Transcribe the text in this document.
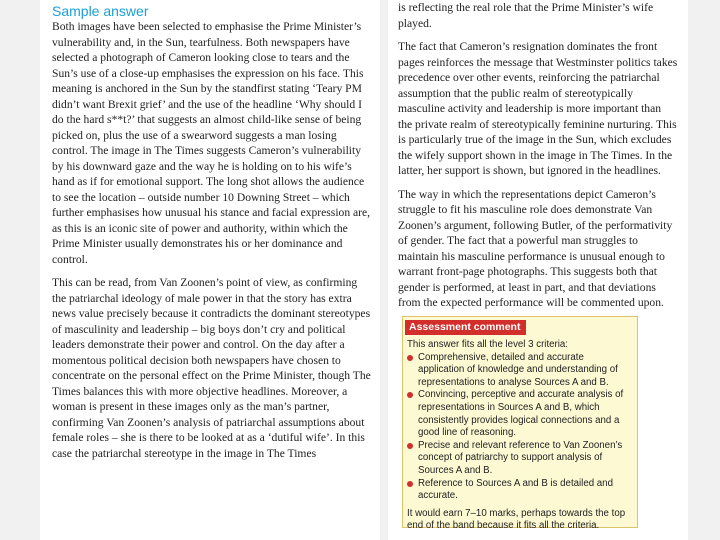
Sample answer

Both images have been selected to emphasise the Prime Minister’s vulnerability and, in the Sun, tearfulness. Both newspapers have selected a photograph of Cameron looking close to tears and the Sun’s use of a close-up emphasises the expression on his face. This meaning is anchored in the Sun by the standfirst stating ‘Teary PM didn’t want Brexit grief’ and the use of the headline ‘Why should I do the hard s**t?’ that suggests an almost child-like sense of being picked on, plus the use of a swearword suggests a man losing control. The image in The Times suggests Cameron’s vulnerability by his downward gaze and the way he is holding on to his wife’s hand as if for emotional support. The long shot allows the audience to see the location – outside number 10 Downing Street – which further emphasises how unusual his stance and facial expression are, as this is an iconic site of power and authority, within which the Prime Minister usually demonstrates his or her dominance and control.

This can be read, from Van Zoonen’s point of view, as confirming the patriarchal ideology of male power in that the story has extra news value precisely because it contradicts the dominant stereotypes of masculinity and leadership – big boys don’t cry and political leaders demonstrate their power and control. On the day after a momentous political decision both newspapers have chosen to concentrate on the personal effect on the Prime Minister, though The Times balances this with more objective headlines. Moreover, a woman is present in these images only as the man’s partner, confirming Van Zoonen’s analysis of patriarchal assumptions about female roles – she is there to be looked at as a ‘dutiful wife’. In this case the patriarchal stereotype in the image in The Times

is reflecting the real role that the Prime Minister’s wife played.

The fact that Cameron’s resignation dominates the front pages reinforces the message that Westminster politics takes precedence over other events, reinforcing the patriarchal assumption that the public realm of stereotypically masculine activity and leadership is more important than the private realm of stereotypically feminine nurturing. This is particularly true of the image in the Sun, which excludes the wifely support shown in the image in The Times. In the latter, her support is shown, but ignored in the headlines.

The way in which the representations depict Cameron’s struggle to fit his masculine role does demonstrate Van Zoonen’s argument, following Butler, of the performativity of gender. The fact that a powerful man struggles to maintain his masculine performance is unusual enough to warrant front-page photographs. This suggests both that gender is performed, at least in part, and that deviations from the expected performance will be commented upon.

Assessment comment

This answer fits all the level 3 criteria:

Comprehensive, detailed and accurate application of knowledge and understanding of representations to analyse Sources A and B.
Convincing, perceptive and accurate analysis of representations in Sources A and B, which consistently provides logical connections and a good line of reasoning.
Precise and relevant reference to Van Zoonen’s concept of patriarchy to support analysis of Sources A and B.
Reference to Sources A and B is detailed and accurate.

It would earn 7–10 marks, perhaps towards the top end of the band because it fits all the criteria.
